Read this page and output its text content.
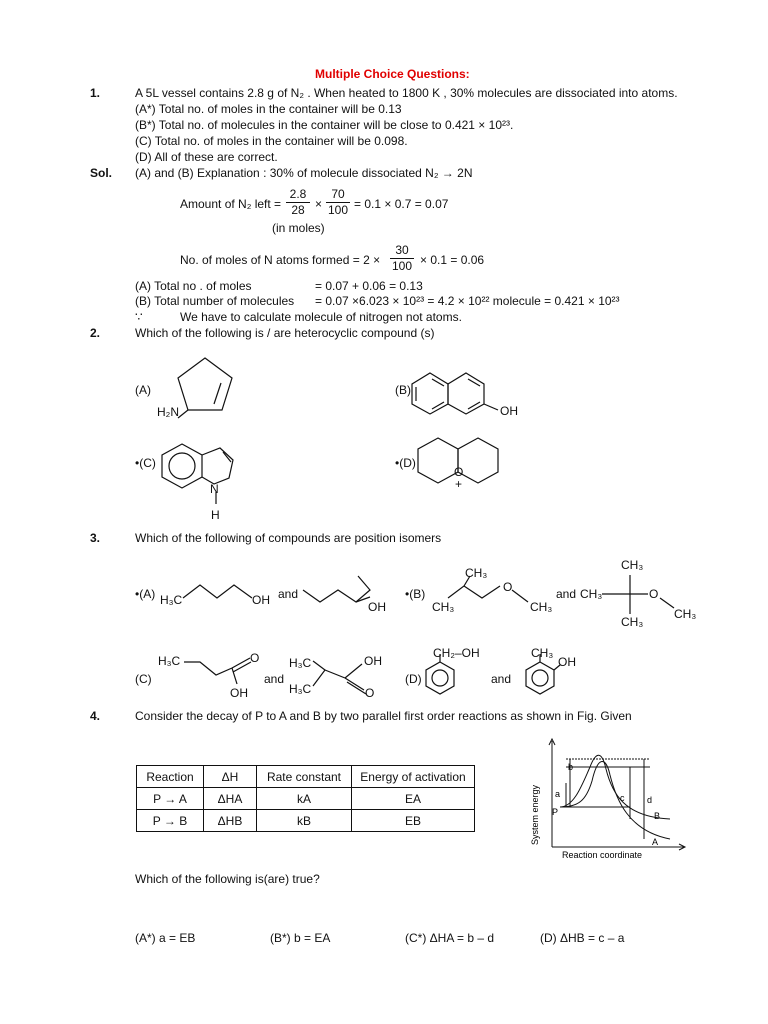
Multiple Choice Questions:
1.	A 5L vessel contains 2.8 g of N₂ . When heated to 1800 K , 30% molecules are dissociated into atoms.
(A*) Total no. of moles in the container will be 0.13
(B*) Total no. of molecules in the container will be close to 0.421 × 10²³.
(C) Total no. of moles in the container will be 0.098.
(D) All of these are correct.
Sol. (A) and (B) Explanation : 30% of molecule dissociated N₂ → 2N
Amount of N₂ left =
2.8
28 ×
70
100 = 0.1 × 0.7 = 0.07
(in moles)
No. of moles of N atoms formed = 2 ×
30
100 × 0.1 = 0.06
(A) Total no . of moles	= 0.07 + 0.06 = 0.13
(B) Total number of molecules = 0.07 ×6.023 × 10²³ = 4.2 × 10²² molecule = 0.421 × 10²³
∵	We have to calculate molecule of nitrogen not atoms.
2.	Which of the following is / are heterocyclic compound (s)
(A)
H₂N
(B)
OH
•(C)
N
H
•(D)
O
+
3.	Which of the following of compounds are position isomers
•(A) H₃C	OH and
OH
•(B)
CH₃
CH₃
O
CH₃
and CH₃
CH₃
CH₃
O
CH₃
(C)
H₃C	O
OH
and
H₃C
H₃C
OH
O
(D)
CH₂–OH
and
CH₃
OH
4.	Consider the decay of P to A and B by two parallel first order reactions as shown in Fig. Given
Reaction	ΔH	Rate constant	Energy of activation
P → A	ΔHA	kA	EA
P → B	ΔHB	kB	EB	System energy
Reaction coordinate
b
a
P
c	d
B
A
Which of the following is(are) true?
(A*) a = EB	(B*) b = EA	(C*) ΔHA = b – d	(D) ΔHB = c – a
